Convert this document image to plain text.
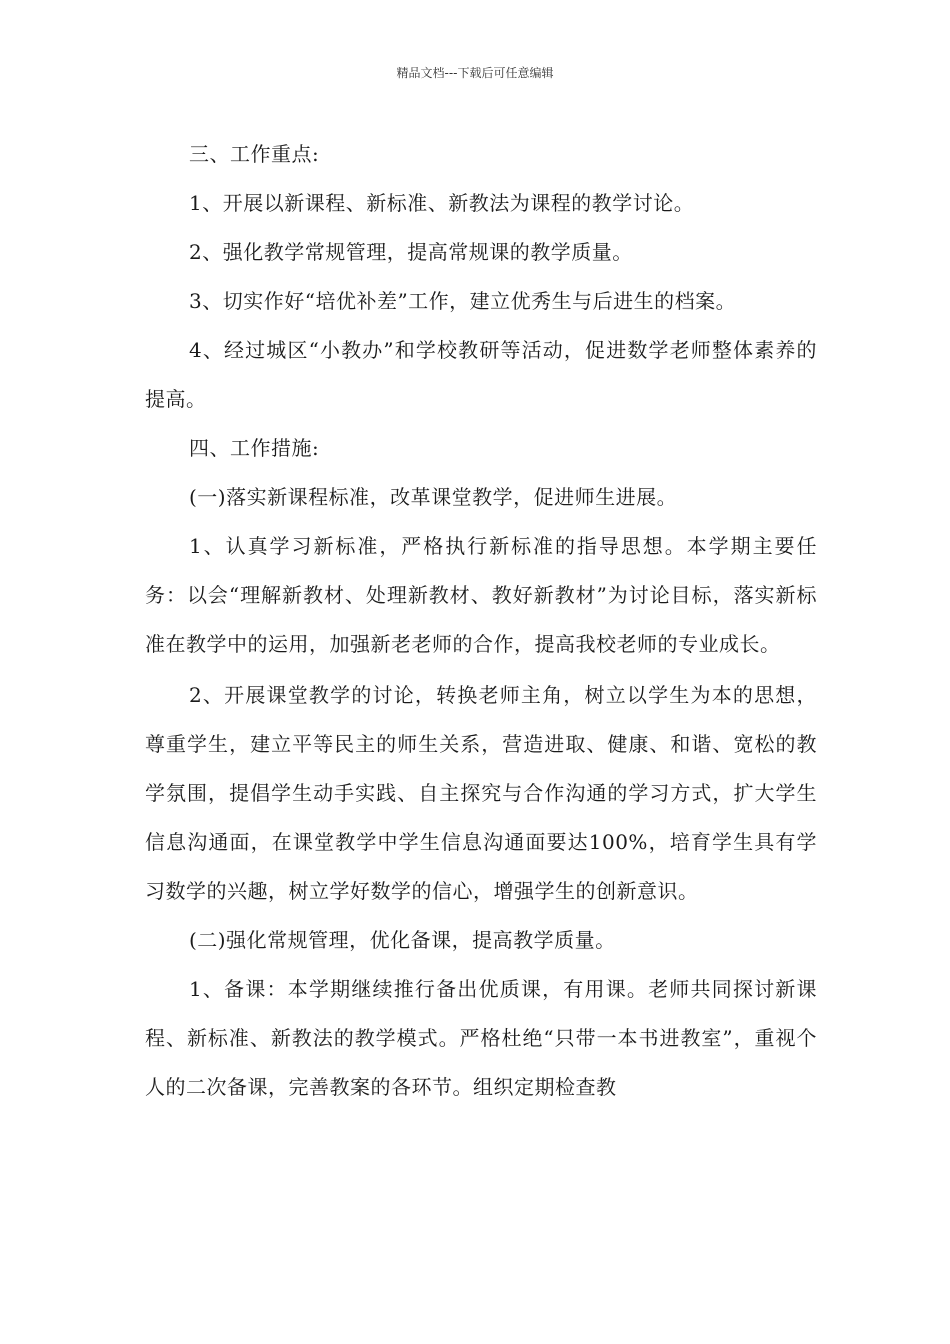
精品文档---下载后可任意编辑

三、工作重点:

1、开展以新课程、新标准、新教法为课程的教学讨论。

2、强化教学常规管理，提高常规课的教学质量。

3、切实作好“培优补差”工作，建立优秀生与后进生的档案。

4、经过城区“小教办”和学校教研等活动，促进数学老师整体素养的提高。

四、工作措施:

(一)落实新课程标准，改革课堂教学，促进师生进展。

1、认真学习新标准，严格执行新标准的指导思想。本学期主要任务：以会“理解新教材、处理新教材、教好新教材”为讨论目标，落实新标准在教学中的运用，加强新老老师的合作，提高我校老师的专业成长。

2、开展课堂教学的讨论，转换老师主角，树立以学生为本的思想，尊重学生，建立平等民主的师生关系，营造进取、健康、和谐、宽松的教学氛围，提倡学生动手实践、自主探究与合作沟通的学习方式，扩大学生信息沟通面，在课堂教学中学生信息沟通面要达100%，培育学生具有学习数学的兴趣，树立学好数学的信心，增强学生的创新意识。

(二)强化常规管理，优化备课，提高教学质量。

1、备课：本学期继续推行备出优质课，有用课。老师共同探讨新课程、新标准、新教法的教学模式。严格杜绝“只带一本书进教室”，重视个人的二次备课，完善教案的各环节。组织定期检查教
